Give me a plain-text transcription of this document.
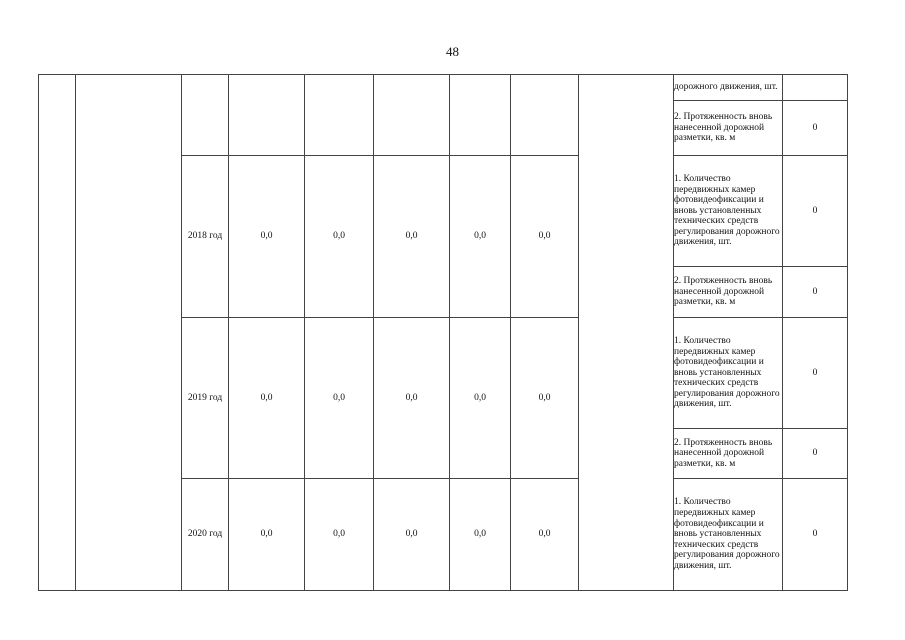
48
									дорожного движения, шт.	
									2. Протяженность вновь нанесенной дорожной разметки, кв. м	0
		2018 год	0,0	0,0	0,0	0,0	0,0		1. Количество передвижных камер фотовидеофиксации и вновь установленных технических средств регулирования дорожного движения, шт.	0
									2. Протяженность вновь нанесенной дорожной разметки, кв. м	0
		2019 год	0,0	0,0	0,0	0,0	0,0		1. Количество передвижных камер фотовидеофиксации и вновь установленных технических средств регулирования дорожного движения, шт.	0
									2. Протяженность вновь нанесенной дорожной разметки, кв. м	0
		2020 год	0,0	0,0	0,0	0,0	0,0		1. Количество передвижных камер фотовидеофиксации и вновь установленных технических средств регулирования дорожного движения, шт.	0
